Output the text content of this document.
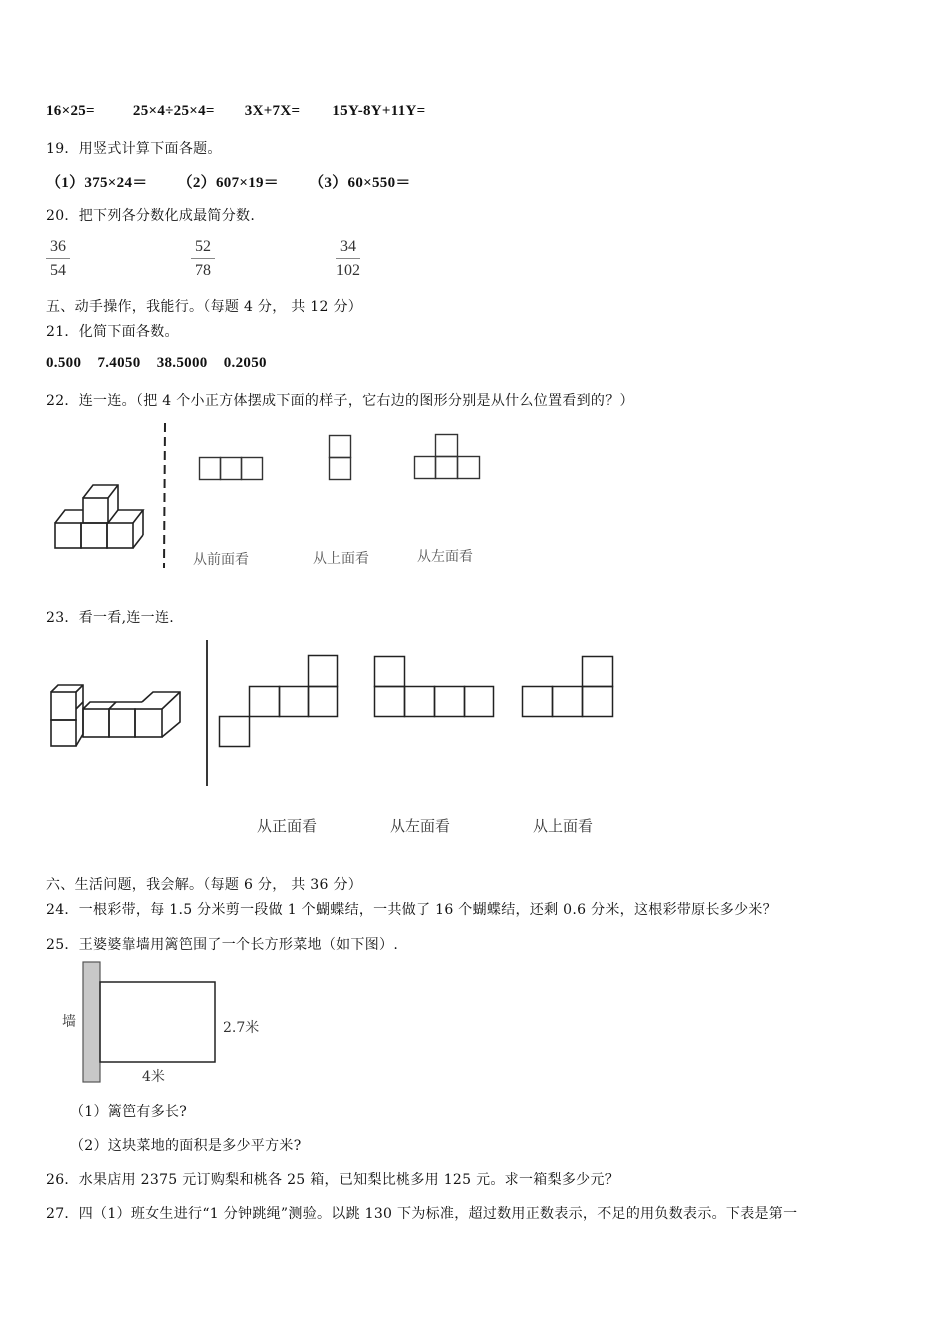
16×25=	25×4÷25×4= 3X+7X= 15Y-8Y+11Y=
19．用竖式计算下面各题。
（1）375×24＝ （2）607×19＝ （3）60×550＝
20．把下列各分数化成最简分数.
$\frac{36}{54}$	$\frac{52}{78}$	$\frac{34}{102}$
五、动手操作，我能行。（每题 4 分， 共 12 分）
21．化简下面各数。
0.500    7.4050    38.5000    0.2050
22．连一连。（把 4 个小正方体摆成下面的样子，它右边的图形分别是从什么位置看到的？）
从前面看	从上面看	从左面看
23．看一看,连一连.
从正面看	从左面看	从上面看
六、生活问题，我会解。（每题 6 分， 共 36 分）
24．一根彩带，每 1.5 分米剪一段做 1 个蝴蝶结，一共做了 16 个蝴蝶结，还剩 0.6 分米，这根彩带原长多少米？
25．王婆婆靠墙用篱笆围了一个长方形菜地（如下图）.
墙	2.7米
4米
（1）篱笆有多长?
（2）这块菜地的面积是多少平方米?
26．水果店用 2375 元订购梨和桃各 25 箱，已知梨比桃多用 125 元。求一箱梨多少元？
27．四（1）班女生进行“1 分钟跳绳”测验。以跳 130 下为标准，超过数用正数表示，不足的用负数表示。下表是第一
